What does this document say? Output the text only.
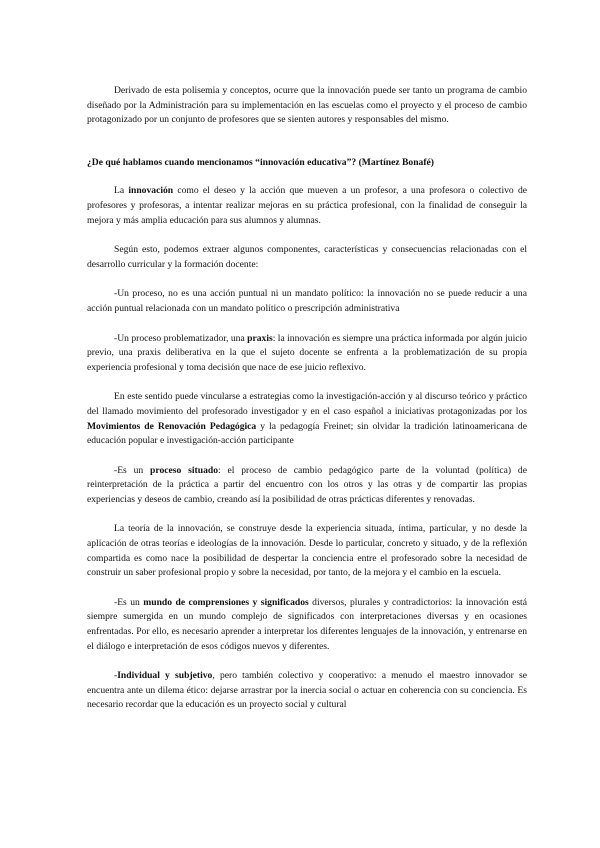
Derivado de esta polisemia y conceptos, ocurre que la innovación puede ser tanto un programa de cambio diseñado por la Administración para su implementación en las escuelas como el proyecto y el proceso de cambio protagonizado por un conjunto de profesores que se sienten autores y responsables del mismo.

¿De qué hablamos cuando mencionamos “innovación educativa”? (Martínez Bonafé)

La innovación como el deseo y la acción que mueven a un profesor, a una profesora o colectivo de profesores y profesoras, a intentar realizar mejoras en su práctica profesional, con la finalidad de conseguir la mejora y más amplia educación para sus alumnos y alumnas.

Según esto, podemos extraer algunos componentes, características y consecuencias relacionadas con el desarrollo curricular y la formación docente:

-Un proceso, no es una acción puntual ni un mandato político: la innovación no se puede reducir a una acción puntual relacionada con un mandato político o prescripción administrativa

-Un proceso problematizador, una praxis: la innovación es siempre una práctica informada por algún juicio previo, una praxis deliberativa en la que el sujeto docente se enfrenta a la problematización de su propia experiencia profesional y toma decisión que nace de ese juicio reflexivo.

En este sentido puede vincularse a estrategias como la investigación-acción y al discurso teórico y práctico del llamado movimiento del profesorado investigador y en el caso español a iniciativas protagonizadas por los Movimientos de Renovación Pedagógica y la pedagogía Freinet; sin olvidar la tradición latinoamericana de educación popular e investigación-acción participante

-Es un proceso situado: el proceso de cambio pedagógico parte de la voluntad (política) de reinterpretación de la práctica a partir del encuentro con los otros y las otras y de compartir las propias experiencias y deseos de cambio, creando así la posibilidad de otras prácticas diferentes y renovadas.

La teoría de la innovación, se construye desde la experiencia situada, íntima, particular, y no desde la aplicación de otras teorías e ideologías de la innovación. Desde lo particular, concreto y situado, y de la reflexión compartida es como nace la posibilidad de despertar la conciencia entre el profesorado sobre la necesidad de construir un saber profesional propio y sobre la necesidad, por tanto, de la mejora y el cambio en la escuela.

-Es un mundo de comprensiones y significados diversos, plurales y contradictorios: la innovación está siempre sumergida en un mundo complejo de significados con interpretaciones diversas y en ocasiones enfrentadas. Por ello, es necesario aprender a interpretar los diferentes lenguajes de la innovación, y entrenarse en el diálogo e interpretación de esos códigos nuevos y diferentes.

-Individual y subjetivo, pero también colectivo y cooperativo: a menudo el maestro innovador se encuentra ante un dilema ético: dejarse arrastrar por la inercia social o actuar en coherencia con su conciencia. Es necesario recordar que la educación es un proyecto social y cultural
